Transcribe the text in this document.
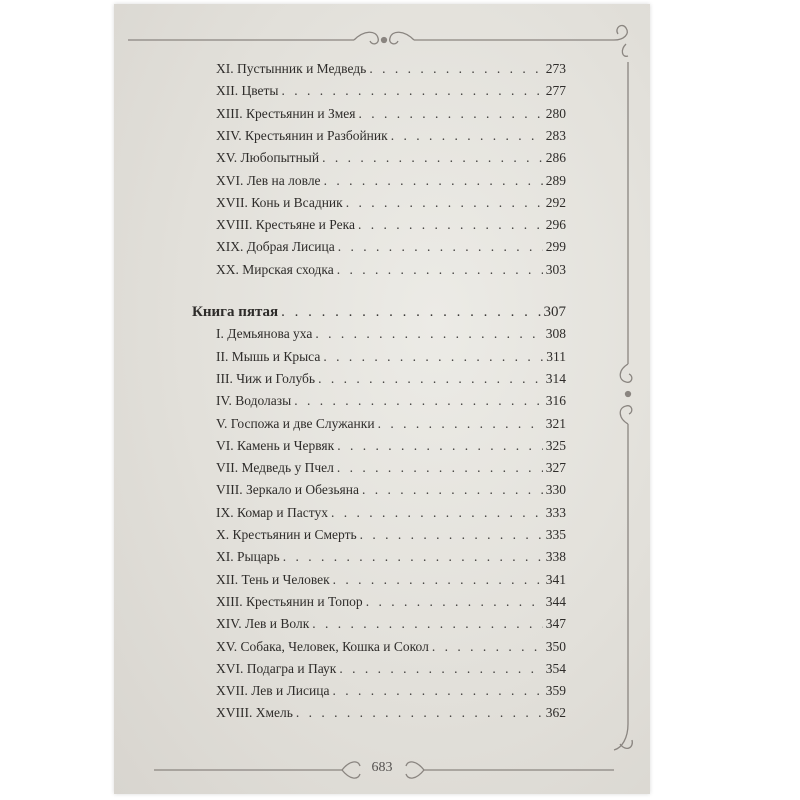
XI. Пустынник и Медведь . . .	273
XII. Цветы . . .	277
XIII. Крестьянин и Змея . . .	280
XIV. Крестьянин и Разбойник . . .	283
XV. Любопытный . . .	286
XVI. Лев на ловле . . .	289
XVII. Конь и Всадник . . .	292
XVIII. Крестьяне и Река . . .	296
XIX. Добрая Лисица . . .	299
XX. Мирская сходка . . .	303
Книга пятая . . .	307
I. Демьянова уха . . .	308
II. Мышь и Крыса . . .	311
III. Чиж и Голубь . . .	314
IV. Водолазы . . .	316
V. Госпожа и две Служанки . . .	321
VI. Камень и Червяк . . .	325
VII. Медведь у Пчел . . .	327
VIII. Зеркало и Обезьяна . . .	330
IX. Комар и Пастух . . .	333
X. Крестьянин и Смерть . . .	335
XI. Рыцарь . . .	338
XII. Тень и Человек . . .	341
XIII. Крестьянин и Топор . . .	344
XIV. Лев и Волк . . .	347
XV. Собака, Человек, Кошка и Сокол . . .	350
XVI. Подагра и Паук . . .	354
XVII. Лев и Лисица . . .	359
XVIII. Хмель . . .	362
683
